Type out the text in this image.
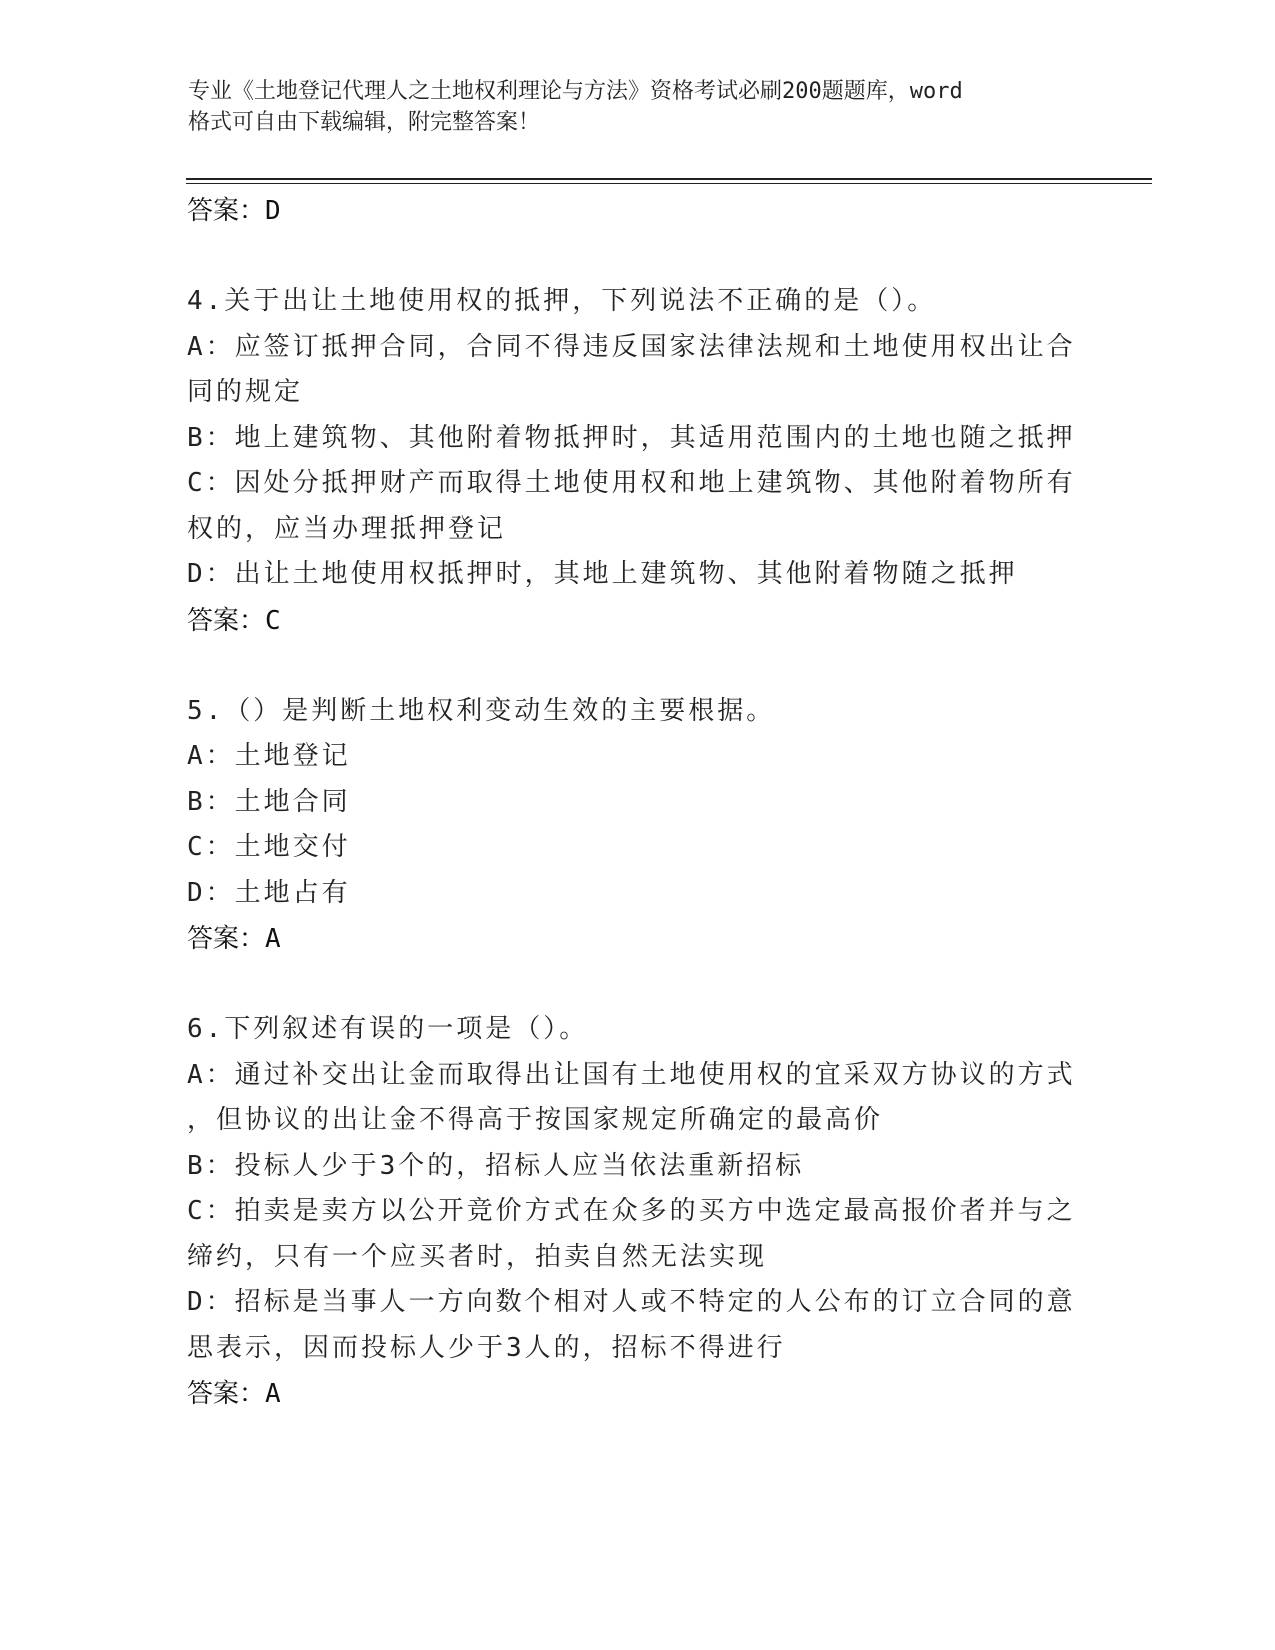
专业《土地登记代理人之土地权利理论与方法》资格考试必刷200题题库，word
格式可自由下载编辑，附完整答案！
答案：D
4.关于出让土地使用权的抵押，下列说法不正确的是（）。
A：应签订抵押合同，合同不得违反国家法律法规和土地使用权出让合
同的规定
B：地上建筑物、其他附着物抵押时，其适用范围内的土地也随之抵押
C：因处分抵押财产而取得土地使用权和地上建筑物、其他附着物所有
权的，应当办理抵押登记
D：出让土地使用权抵押时，其地上建筑物、其他附着物随之抵押
答案：C
5.（）是判断土地权利变动生效的主要根据。
A：土地登记
B：土地合同
C：土地交付
D：土地占有
答案：A
6.下列叙述有误的一项是（）。
A：通过补交出让金而取得出让国有土地使用权的宜采双方协议的方式
，但协议的出让金不得高于按国家规定所确定的最高价
B：投标人少于3个的，招标人应当依法重新招标
C：拍卖是卖方以公开竞价方式在众多的买方中选定最高报价者并与之
缔约，只有一个应买者时，拍卖自然无法实现
D：招标是当事人一方向数个相对人或不特定的人公布的订立合同的意
思表示，因而投标人少于3人的，招标不得进行
答案：A
